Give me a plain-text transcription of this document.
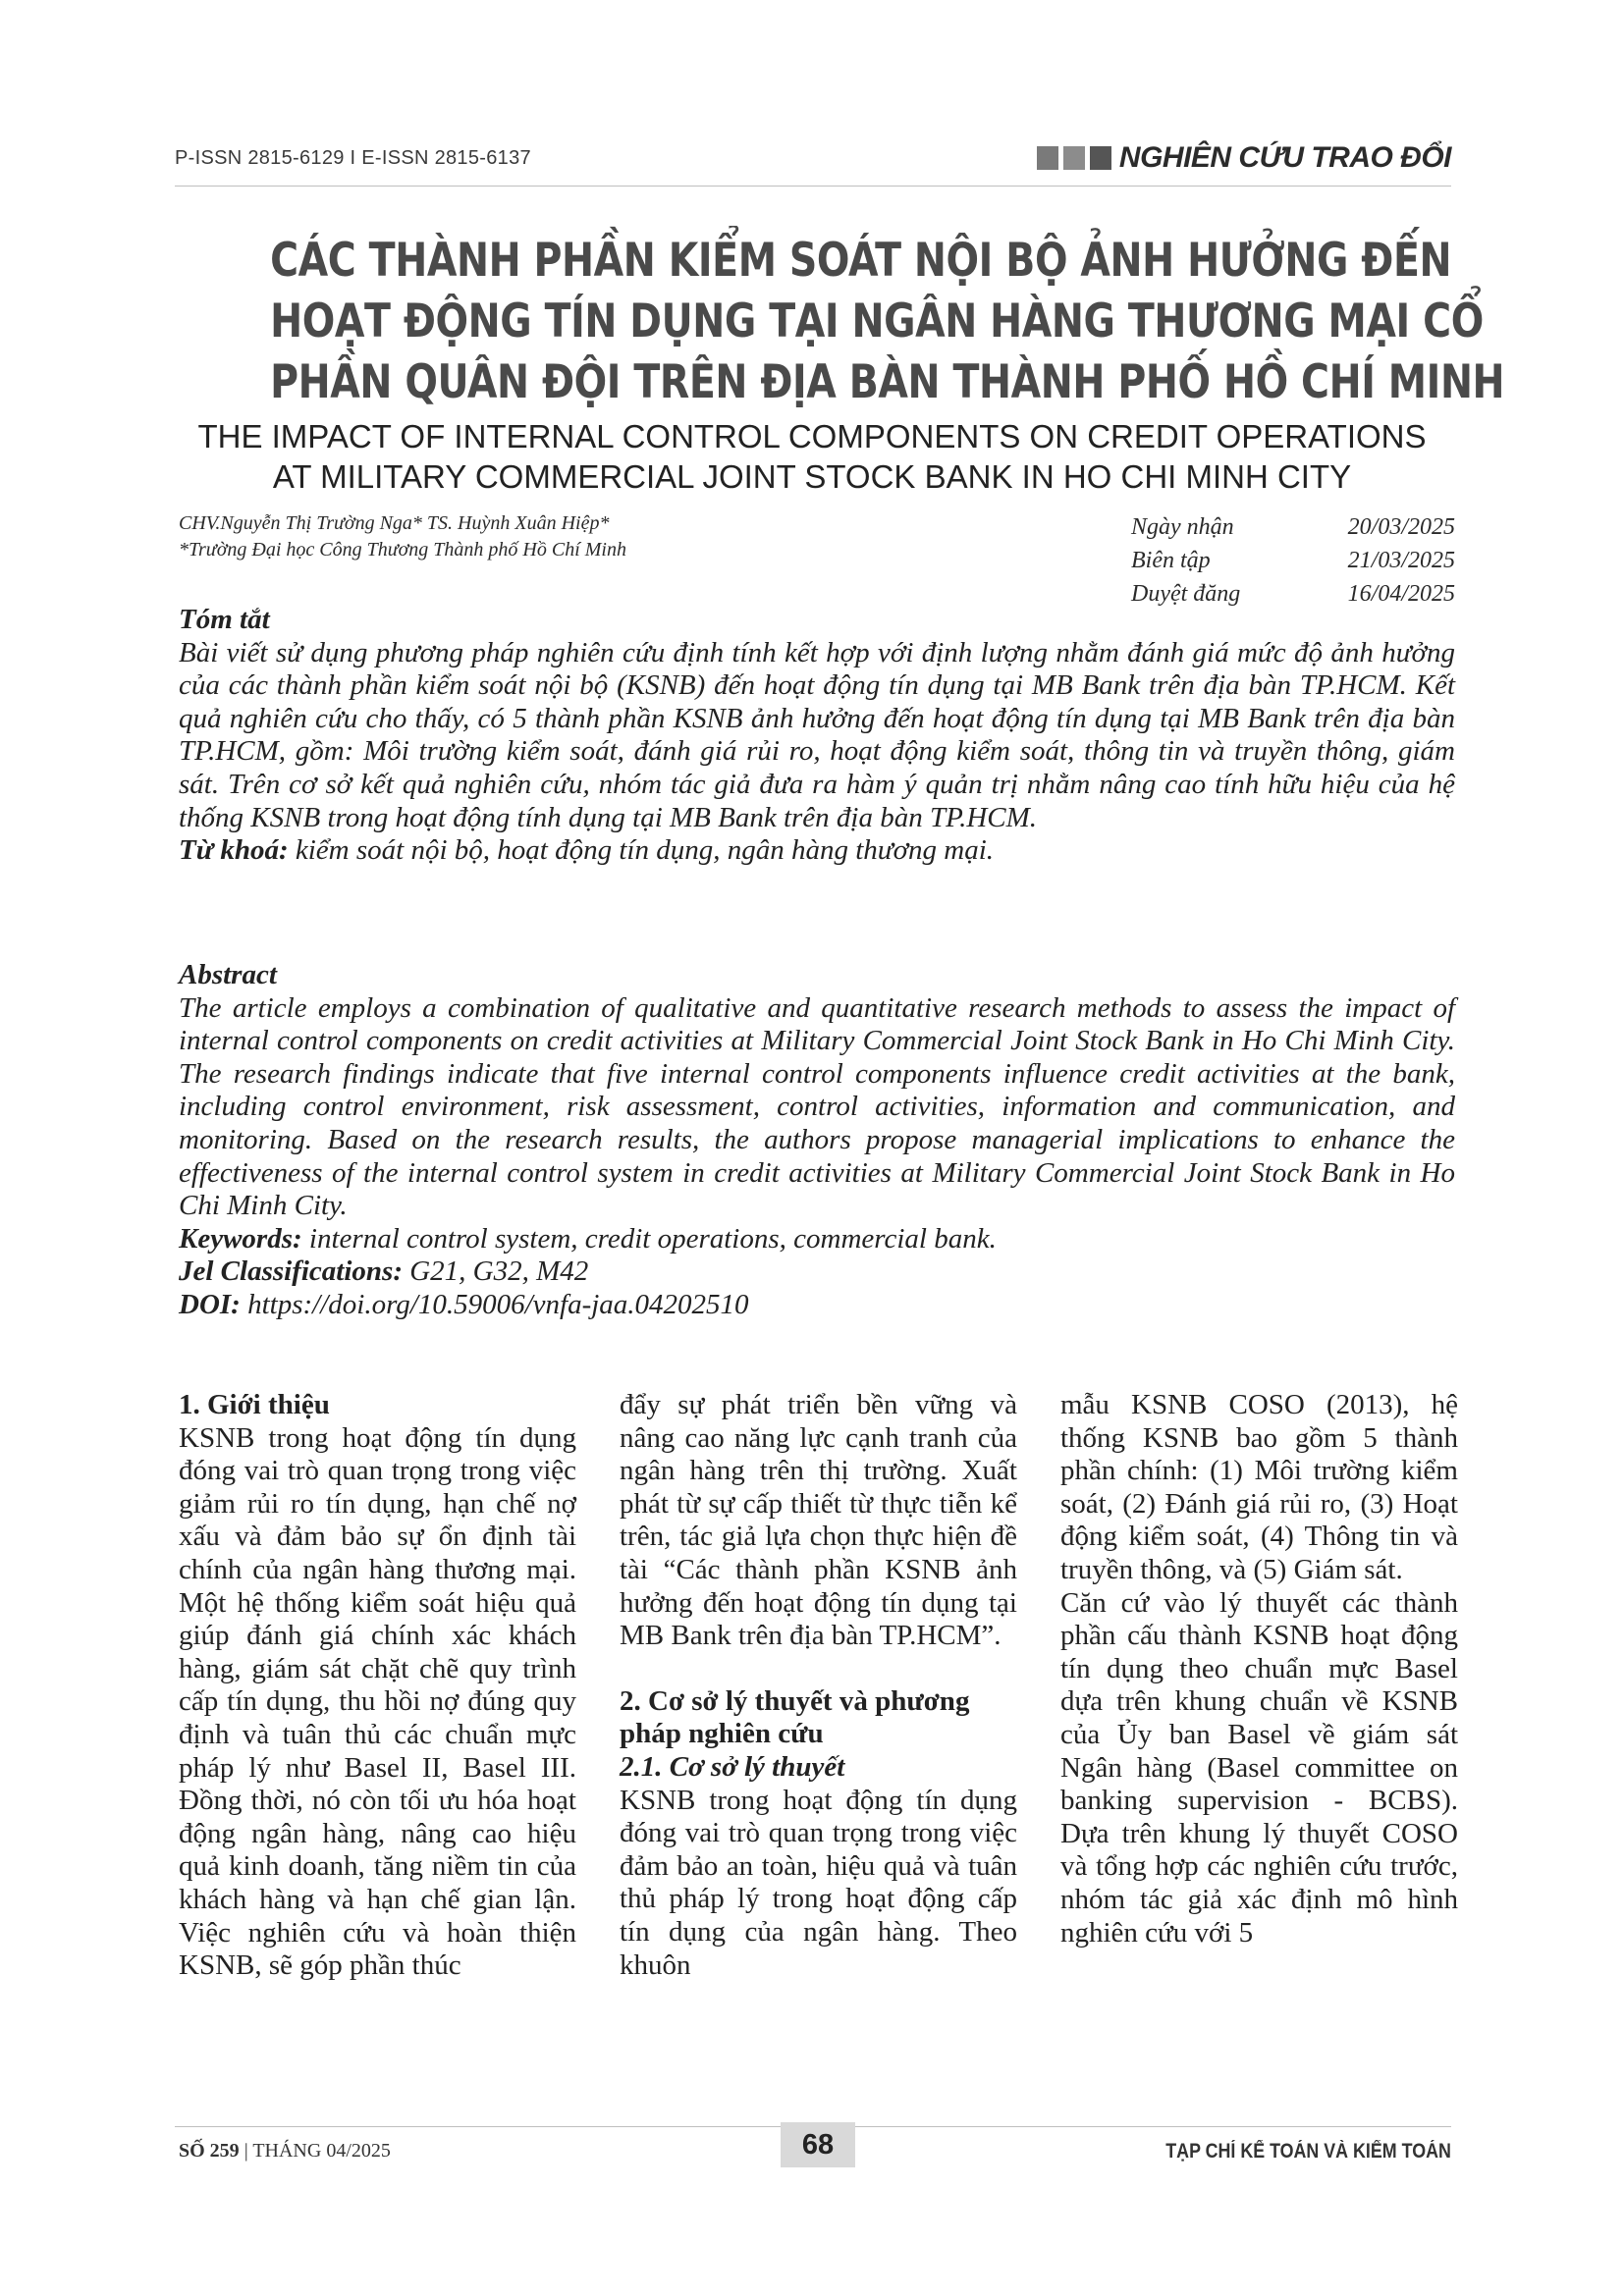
P-ISSN 2815-6129 I E-ISSN 2815-6137	NGHIÊN CỨU TRAO ĐỔI
CÁC THÀNH PHẦN KIỂM SOÁT NỘI BỘ ẢNH HƯỞNG ĐẾN
HOẠT ĐỘNG TÍN DỤNG TẠI NGÂN HÀNG THƯƠNG MẠI CỔ
PHẦN QUÂN ĐỘI TRÊN ĐỊA BÀN THÀNH PHỐ HỒ CHÍ MINH
THE IMPACT OF INTERNAL CONTROL COMPONENTS ON CREDIT OPERATIONS
AT MILITARY COMMERCIAL JOINT STOCK BANK IN HO CHI MINH CITY
CHV.Nguyễn Thị Trường Nga* TS. Huỳnh Xuân Hiệp*
*Trường Đại học Công Thương Thành phố Hồ Chí Minh
Ngày nhận	20/03/2025
Biên tập	21/03/2025
Duyệt đăng	16/04/2025
Tóm tắt

Bài viết sử dụng phương pháp nghiên cứu định tính kết hợp với định lượng nhằm đánh giá mức độ ảnh hưởng của các thành phần kiểm soát nội bộ (KSNB) đến hoạt động tín dụng tại MB Bank trên địa bàn TP.HCM. Kết quả nghiên cứu cho thấy, có 5 thành phần KSNB ảnh hưởng đến hoạt động tín dụng tại MB Bank trên địa bàn TP.HCM, gồm: Môi trường kiểm soát, đánh giá rủi ro, hoạt động kiểm soát, thông tin và truyền thông, giám sát. Trên cơ sở kết quả nghiên cứu, nhóm tác giả đưa ra hàm ý quản trị nhằm nâng cao tính hữu hiệu của hệ thống KSNB trong hoạt động tính dụng tại MB Bank trên địa bàn TP.HCM.

Từ khoá: kiểm soát nội bộ, hoạt động tín dụng, ngân hàng thương mại.

Abstract

The article employs a combination of qualitative and quantitative research methods to assess the impact of internal control components on credit activities at Military Commercial Joint Stock Bank in Ho Chi Minh City. The research findings indicate that five internal control components influence credit activities at the bank, including control environment, risk assessment, control activities, information and communication, and monitoring. Based on the research results, the authors propose managerial implications to enhance the effectiveness of the internal control system in credit activities at Military Commercial Joint Stock Bank in Ho Chi Minh City.

Keywords: internal control system, credit operations, commercial bank.

Jel Classifications: G21, G32, M42

DOI: https://doi.org/10.59006/vnfa-jaa.04202510

1. Giới thiệu

KSNB trong hoạt động tín dụng đóng vai trò quan trọng trong việc giảm rủi ro tín dụng, hạn chế nợ xấu và đảm bảo sự ổn định tài chính của ngân hàng thương mại. Một hệ thống kiểm soát hiệu quả giúp đánh giá chính xác khách hàng, giám sát chặt chẽ quy trình cấp tín dụng, thu hồi nợ đúng quy định và tuân thủ các chuẩn mực pháp lý như Basel II, Basel III. Đồng thời, nó còn tối ưu hóa hoạt động ngân hàng, nâng cao hiệu quả kinh doanh, tăng niềm tin của khách hàng và hạn chế gian lận. Việc nghiên cứu và hoàn thiện KSNB, sẽ góp phần thúc

đẩy sự phát triển bền vững và nâng cao năng lực cạnh tranh của ngân hàng trên thị trường. Xuất phát từ sự cấp thiết từ thực tiễn kể trên, tác giả lựa chọn thực hiện đề tài “Các thành phần KSNB ảnh hưởng đến hoạt động tín dụng tại MB Bank trên địa bàn TP.HCM”.

2. Cơ sở lý thuyết và phương pháp nghiên cứu
2.1. Cơ sở lý thuyết

KSNB trong hoạt động tín dụng đóng vai trò quan trọng trong việc đảm bảo an toàn, hiệu quả và tuân thủ pháp lý trong hoạt động cấp tín dụng của ngân hàng. Theo khuôn

mẫu KSNB COSO (2013), hệ thống KSNB bao gồm 5 thành phần chính: (1) Môi trường kiểm soát, (2) Đánh giá rủi ro, (3) Hoạt động kiểm soát, (4) Thông tin và truyền thông, và (5) Giám sát.

Căn cứ vào lý thuyết các thành phần cấu thành KSNB hoạt động tín dụng theo chuẩn mực Basel dựa trên khung chuẩn về KSNB của Ủy ban Basel về giám sát Ngân hàng (Basel committee on banking supervision - BCBS). Dựa trên khung lý thuyết COSO và tổng hợp các nghiên cứu trước, nhóm tác giả xác định mô hình nghiên cứu với 5

SỐ 259 | THÁNG 04/2025	68	TẠP CHÍ KẾ TOÁN VÀ KIỂM TOÁN
